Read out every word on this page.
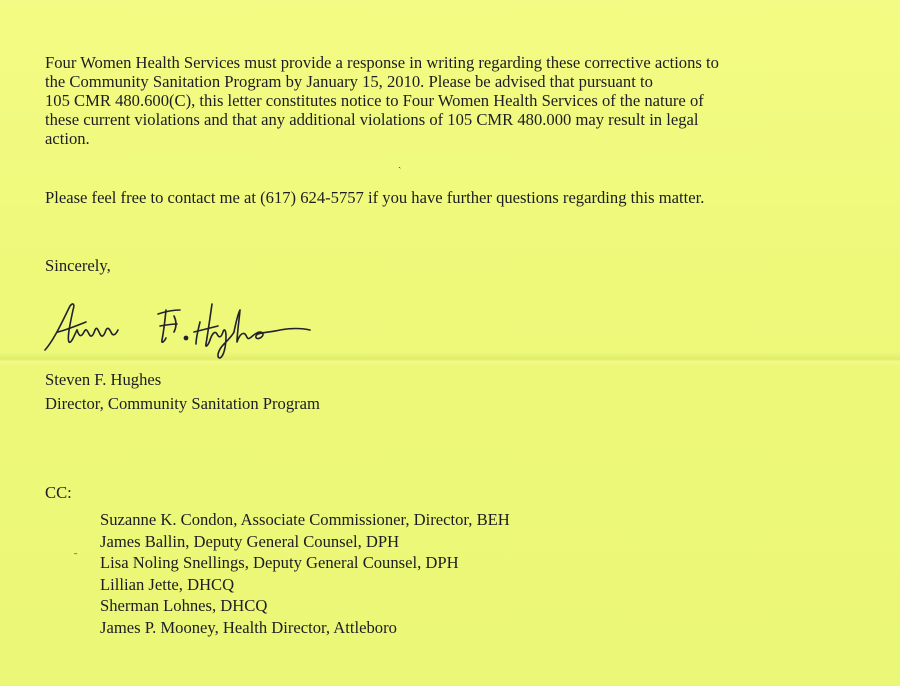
Four Women Health Services must provide a response in writing regarding these corrective actions to
the Community Sanitation Program by January 15, 2010. Please be advised that pursuant to
105 CMR 480.600(C), this letter constitutes notice to Four Women Health Services of the nature of
these current violations and that any additional violations of 105 CMR 480.000 may result in legal
action.
ˏ

Please feel free to contact me at (617) 624-5757 if you have further questions regarding this matter.

Sincerely,

Steven F. Hughes

Director, Community Sanitation Program

CC:

Suzanne K. Condon, Associate Commissioner, Director, BEH
James Ballin, Deputy General Counsel, DPH
Lisa Noling Snellings, Deputy General Counsel, DPH
Lillian Jette, DHCQ
Sherman Lohnes, DHCQ
James P. Mooney, Health Director, Attleboro
ˉ
